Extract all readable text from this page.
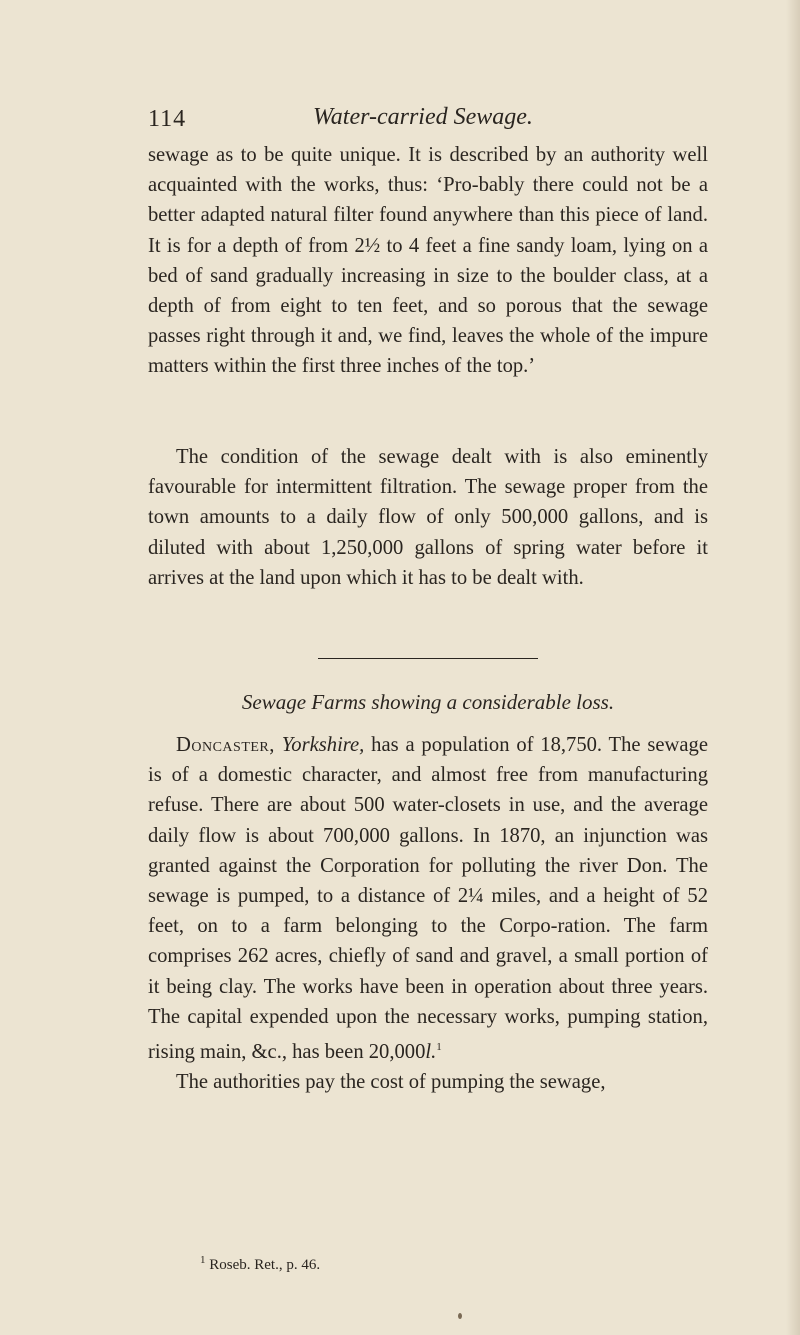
114	Water-carried Sewage.

sewage as to be quite unique. It is described by an authority well acquainted with the works, thus: ‘Pro-bably there could not be a better adapted natural filter found anywhere than this piece of land. It is for a depth of from 2½ to 4 feet a fine sandy loam, lying on a bed of sand gradually increasing in size to the boulder class, at a depth of from eight to ten feet, and so porous that the sewage passes right through it and, we find, leaves the whole of the impure matters within the first three inches of the top.’

The condition of the sewage dealt with is also eminently favourable for intermittent filtration. The sewage proper from the town amounts to a daily flow of only 500,000 gallons, and is diluted with about 1,250,000 gallons of spring water before it arrives at the land upon which it has to be dealt with.

Sewage Farms showing a considerable loss.

Doncaster, Yorkshire, has a population of 18,750. The sewage is of a domestic character, and almost free from manufacturing refuse. There are about 500 water-closets in use, and the average daily flow is about 700,000 gallons. In 1870, an injunction was granted against the Corporation for polluting the river Don. The sewage is pumped, to a distance of 2¼ miles, and a height of 52 feet, on to a farm belonging to the Corpo-ration. The farm comprises 262 acres, chiefly of sand and gravel, a small portion of it being clay. The works have been in operation about three years. The capital expended upon the necessary works, pumping station, rising main, &c., has been 20,000l.$^1$

The authorities pay the cost of pumping the sewage,

$^1$ Roseb. Ret., p. 46.
